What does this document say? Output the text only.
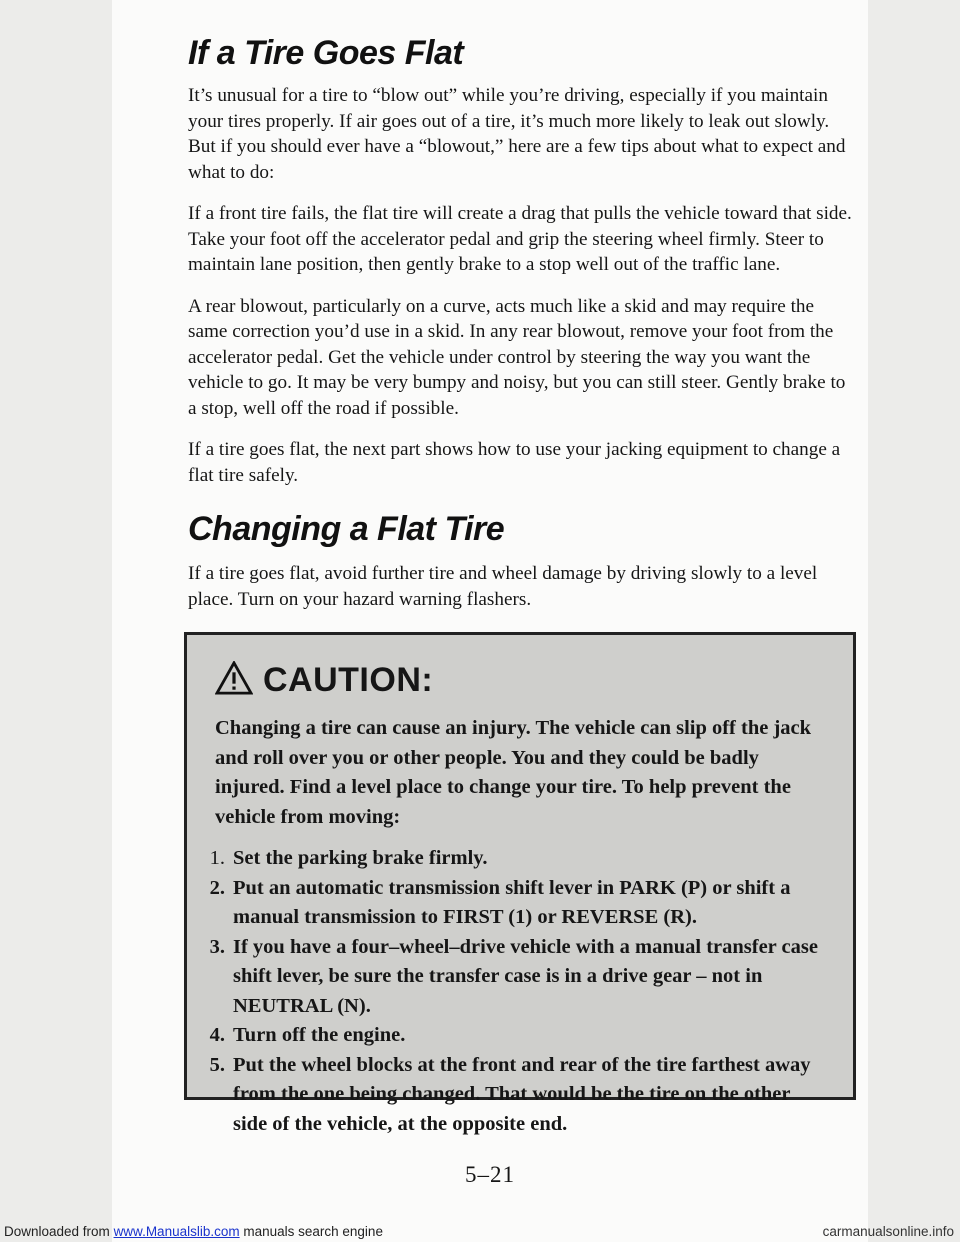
If a Tire Goes Flat

It’s unusual for a tire to “blow out” while you’re driving, especially if you maintain your tires properly. If air goes out of a tire, it’s much more likely to leak out slowly. But if you should ever have a “blowout,” here are a few tips about what to expect and what to do:

If a front tire fails, the flat tire will create a drag that pulls the vehicle toward that side. Take your foot off the accelerator pedal and grip the steering wheel firmly. Steer to maintain lane position, then gently brake to a stop well out of the traffic lane.

A rear blowout, particularly on a curve, acts much like a skid and may require the same correction you’d use in a skid. In any rear blowout, remove your foot from the accelerator pedal. Get the vehicle under control by steering the way you want the vehicle to go. It may be very bumpy and noisy, but you can still steer. Gently brake to a stop, well off the road if possible.

If a tire goes flat, the next part shows how to use your jacking equipment to change a flat tire safely.

Changing a Flat Tire

If a tire goes flat, avoid further tire and wheel damage by driving slowly to a level place. Turn on your hazard warning flashers.

CAUTION:

Changing a tire can cause an injury. The vehicle can slip off the jack and roll over you or other people. You and they could be badly injured. Find a level place to change your tire. To help prevent the vehicle from moving:

1. Set the parking brake firmly.
2. Put an automatic transmission shift lever in PARK (P) or shift a manual transmission to FIRST (1) or REVERSE (R).
3. If you have a four–wheel–drive vehicle with a manual transfer case shift lever, be sure the transfer case is in a drive gear – not in NEUTRAL (N).
4. Turn off the engine.
5. Put the wheel blocks at the front and rear of the tire farthest away from the one being changed. That would be the tire on the other side of the vehicle, at the opposite end.
5–21
Downloaded from www.Manualslib.com manuals search engine	carmanualsonline.info
